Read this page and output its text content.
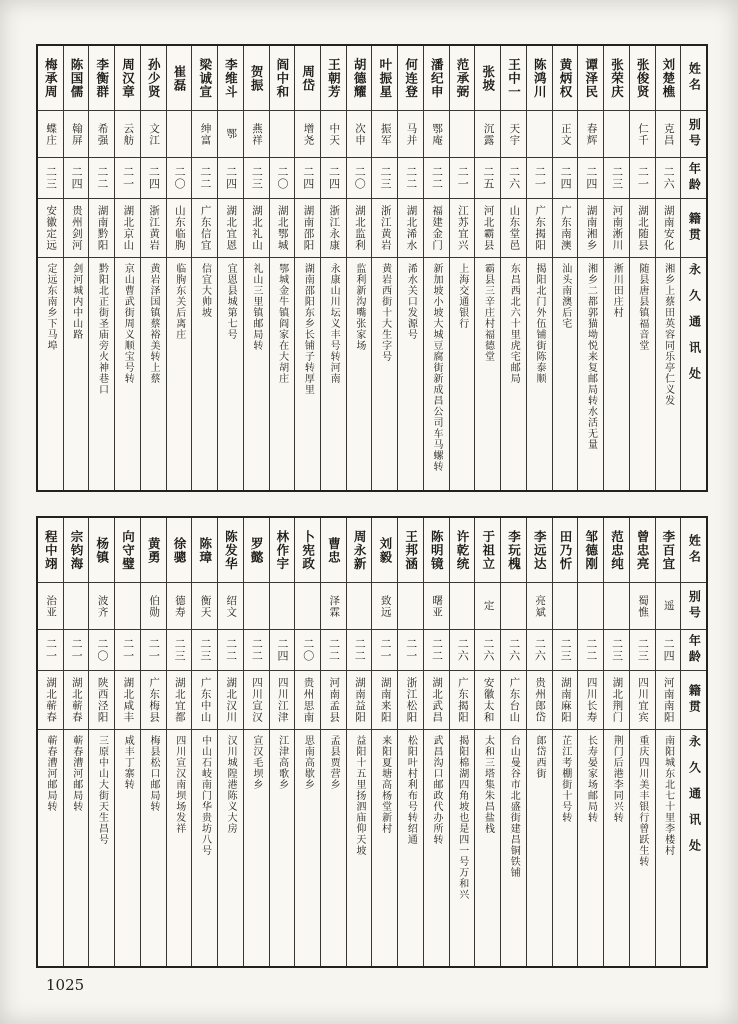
姓名
别号
年龄
籍贯
永久通讯处
刘楚樵
克昌
二六
湖南安化
湘乡上蔡田英容同乐亭仁义发
张俊贤
仁千
二一
湖北随县
随县唐县镇福音堂
张荣庆
二三
河南淅川
淅川田庄村
谭泽民
春辉
二四
湖南湘乡
湘乡二都郭猫坳悦来复邮局转水活无量
黄炳权
正文
二四
广东南澳
汕头南澳后宅
陈鸿川
二一
广东揭阳
揭阳北门外伍铺街陈泰顺
王中一
天宇
二六
山东堂邑
东昌西北六十里虎宅邮局
张坡
沉露
二五
河北霸县
霸县三辛庄村福德堂
范承弼
二一
江苏宜兴
上海交通银行
潘纪申
鄂庵
二二
福建金门
新加坡小坡大城豆腐街新成昌公司车马螺转
何连登
马并
二二
湖北浠水
浠水关口发源号
叶振星
振军
二三
浙江黄岩
黄岩西街十大生字号
胡德耀
次申
二〇
湖北监利
监利新沟嘴张家场
王朝芳
中天
二四
浙江永康
永康山川坛义丰号转河南
周岱
增尧
二四
湖南邵阳
湖南邵阳东乡长铺子转厚里
阎中和
二〇
湖北鄂城
鄂城金牛镇阎家在大胡庄
贺振
燕祥
二三
湖北礼山
礼山三里镇邮局转
李维斗
鄂
二四
湖北宜恩
宜恩县城第七号
梁诚宣
绅富
二二
广东信宜
信宜大帅坡
崔磊
二〇
山东临朐
临朐东关后离庄
孙少贤
文江
二四
浙江黄岩
黄岩泽国镇蔡裕美转上蔡
周汉章
云舫
二一
湖北京山
京山曹武街周义顺宝号转
李衡群
希强
二二
湖南黔阳
黔阳北正街圣庙旁火神巷口
陈国儒
翰屏
二四
贵州剑河
剑河城内中山路
梅承周
蝶庄
二三
安徽定远
定远东南乡下马埠
姓名
别号
年龄
籍贯
永久通讯处
李百宜
遥
二四
河南南阳
南阳城东北七十里李楼村
曾忠亮
蜀憔
二三
四川宜宾
重庆四川美丰银行曾跃生转
范忠纯
二三
湖北荆门
荆门后港李同兴转
邹德刚
二二
四川长寿
长寿晏家场邮局转
田乃忻
二三
湖南麻阳
芷江考棚街十号转
李远达
亮斌
二六
贵州郎岱
郎岱西街
李玩槐
二六
广东台山
台山曼谷市北盛街建昌铜铁铺
于祖立
定
二六
安徽太和
太和三塔集朱昌盐栈
许乾统
二六
广东揭阳
揭阳棉湖四角坡也是四一号万和兴
陈明镜
曙亚
二二
湖北武昌
武昌沟口邮政代办所转
王邦涵
二一
浙江松阳
松阳叶村利布号转绍通
刘毅
致远
二一
湖南来阳
来阳夏塘高杨堂新村
周永新
二二
湖南益阳
益阳十五里扬泗庙仰天坡
曹忠
泽霖
二二
河南孟县
孟县贾营乡
卜宪政
二〇
贵州思南
思南高歇乡
林作宇
二四
四川江津
江津高歌乡
罗懿
二二
四川宣汉
宣汉毛坝乡
陈发华
绍文
二二
湖北汉川
汉川城隍港陈义大房
陈璋
衡天
二三
广东中山
中山石岐南门华贵坊八号
徐骢
德寿
二三
湖北宜都
四川宣汉南坝场发祥
黄勇
伯勋
二一
广东梅县
梅县松口邮局转
向守璧
二一
湖北咸丰
咸丰丁寨转
杨镇
波齐
二〇
陕西泾阳
三原中山大街天生昌号
宗钧海
二一
湖北蕲春
蕲春漕河邮局转
程中翊
治亚
二一
湖北蕲春
蕲春漕河邮局转
1025
